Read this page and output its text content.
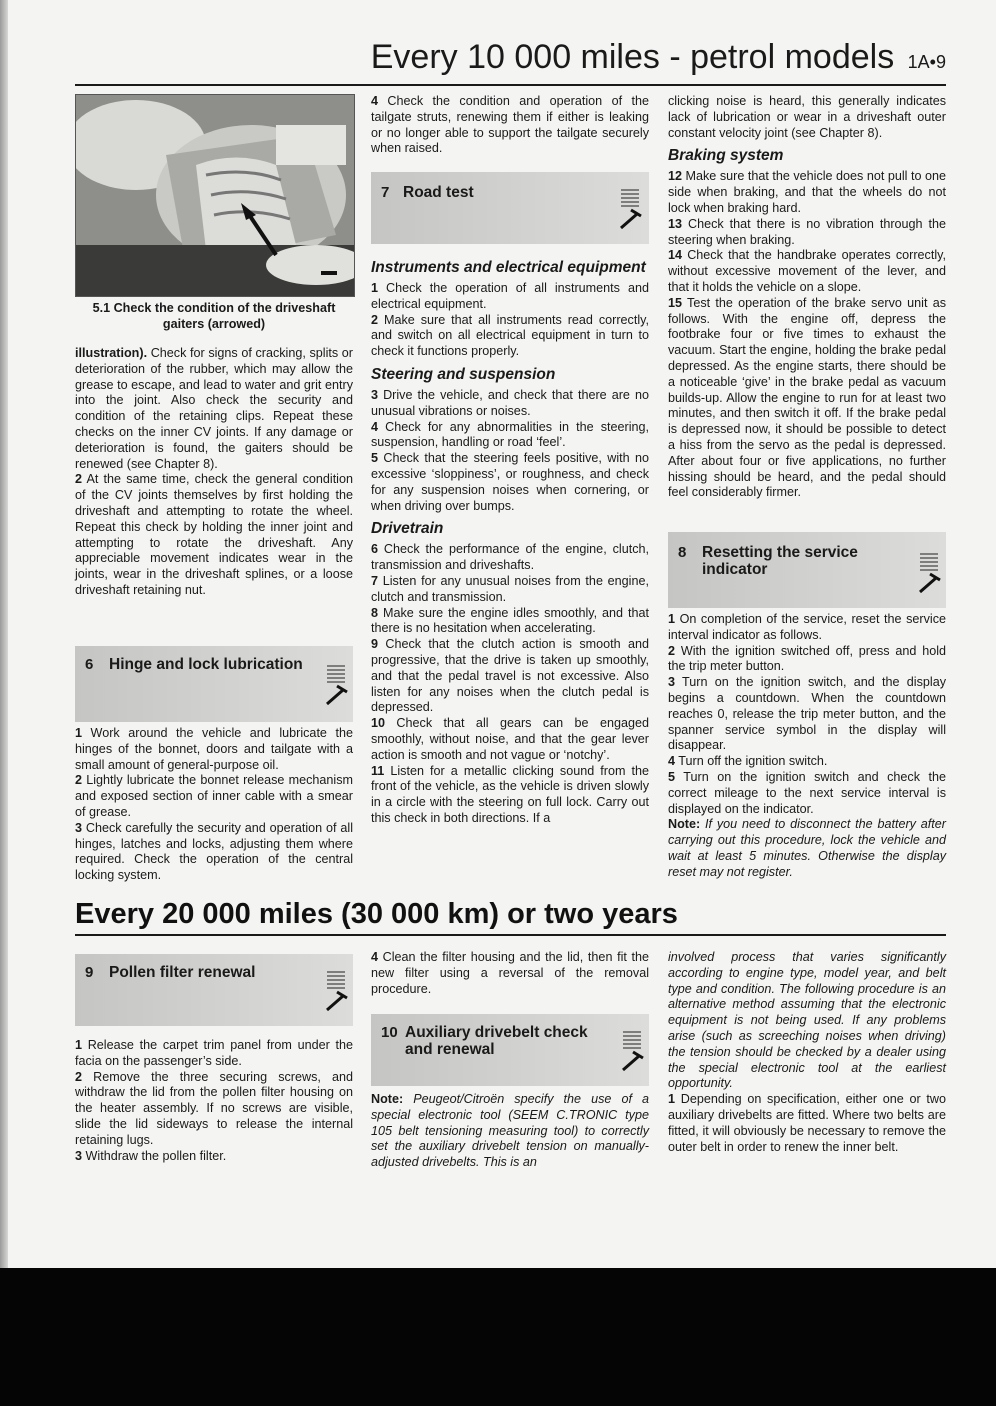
Every 10 000 miles - petrol models 1A•9
5.1 Check the condition of the driveshaft gaiters (arrowed)

illustration). Check for signs of cracking, splits or deterioration of the rubber, which may allow the grease to escape, and lead to water and grit entry into the joint. Also check the security and condition of the retaining clips. Repeat these checks on the inner CV joints. If any damage or deterioration is found, the gaiters should be renewed (see Chapter 8).

2 At the same time, check the general condition of the CV joints themselves by first holding the driveshaft and attempting to rotate the wheel. Repeat this check by holding the inner joint and attempting to rotate the driveshaft. Any appreciable movement indicates wear in the joints, wear in the driveshaft splines, or a loose driveshaft retaining nut.

6 Hinge and lock lubrication

1 Work around the vehicle and lubricate the hinges of the bonnet, doors and tailgate with a small amount of general-purpose oil.

2 Lightly lubricate the bonnet release mechanism and exposed section of inner cable with a smear of grease.

3 Check carefully the security and operation of all hinges, latches and locks, adjusting them where required. Check the operation of the central locking system.

4 Check the condition and operation of the tailgate struts, renewing them if either is leaking or no longer able to support the tailgate securely when raised.

7 Road test
Instruments and electrical equipment

1 Check the operation of all instruments and electrical equipment.

2 Make sure that all instruments read correctly, and switch on all electrical equipment in turn to check it functions properly.

Steering and suspension

3 Drive the vehicle, and check that there are no unusual vibrations or noises.

4 Check for any abnormalities in the steering, suspension, handling or road ‘feel’.

5 Check that the steering feels positive, with no excessive ‘sloppiness’, or roughness, and check for any suspension noises when cornering, or when driving over bumps.

Drivetrain

6 Check the performance of the engine, clutch, transmission and driveshafts.

7 Listen for any unusual noises from the engine, clutch and transmission.

8 Make sure the engine idles smoothly, and that there is no hesitation when accelerating.

9 Check that the clutch action is smooth and progressive, that the drive is taken up smoothly, and that the pedal travel is not excessive. Also listen for any noises when the clutch pedal is depressed.

10 Check that all gears can be engaged smoothly, without noise, and that the gear lever action is smooth and not vague or ‘notchy’.

11 Listen for a metallic clicking sound from the front of the vehicle, as the vehicle is driven slowly in a circle with the steering on full lock. Carry out this check in both directions. If a

clicking noise is heard, this generally indicates lack of lubrication or wear in a driveshaft outer constant velocity joint (see Chapter 8).

Braking system

12 Make sure that the vehicle does not pull to one side when braking, and that the wheels do not lock when braking hard.

13 Check that there is no vibration through the steering when braking.

14 Check that the handbrake operates correctly, without excessive movement of the lever, and that it holds the vehicle on a slope.

15 Test the operation of the brake servo unit as follows. With the engine off, depress the footbrake four or five times to exhaust the vacuum. Start the engine, holding the brake pedal depressed. As the engine starts, there should be a noticeable ‘give’ in the brake pedal as vacuum builds-up. Allow the engine to run for at least two minutes, and then switch it off. If the brake pedal is depressed now, it should be possible to detect a hiss from the servo as the pedal is depressed. After about four or five applications, no further hissing should be heard, and the pedal should feel considerably firmer.

8 Resetting the service indicator

1 On completion of the service, reset the service interval indicator as follows.

2 With the ignition switched off, press and hold the trip meter button.

3 Turn on the ignition switch, and the display begins a countdown. When the countdown reaches 0, release the trip meter button, and the spanner service symbol in the display will disappear.

4 Turn off the ignition switch.

5 Turn on the ignition switch and check the correct mileage to the next service interval is displayed on the indicator.

Note: If you need to disconnect the battery after carrying out this procedure, lock the vehicle and wait at least 5 minutes. Otherwise the display reset may not register.

Every 20 000 miles (30 000 km) or two years
9 Pollen filter renewal

1 Release the carpet trim panel from under the facia on the passenger’s side.

2 Remove the three securing screws, and withdraw the lid from the pollen filter housing on the heater assembly. If no screws are visible, slide the lid sideways to release the internal retaining lugs.

3 Withdraw the pollen filter.

4 Clean the filter housing and the lid, then fit the new filter using a reversal of the removal procedure.

10 Auxiliary drivebelt check and renewal

Note: Peugeot/Citroën specify the use of a special electronic tool (SEEM C.TRONIC type 105 belt tensioning measuring tool) to correctly set the auxiliary drivebelt tension on manually-adjusted drivebelts. This is an

involved process that varies significantly according to engine type, model year, and belt type and condition. The following procedure is an alternative method assuming that the electronic equipment is not being used. If any problems arise (such as screeching noises when driving) the tension should be checked by a dealer using the special electronic tool at the earliest opportunity.

1 Depending on specification, either one or two auxiliary drivebelts are fitted. Where two belts are fitted, it will obviously be necessary to remove the outer belt in order to renew the inner belt.
